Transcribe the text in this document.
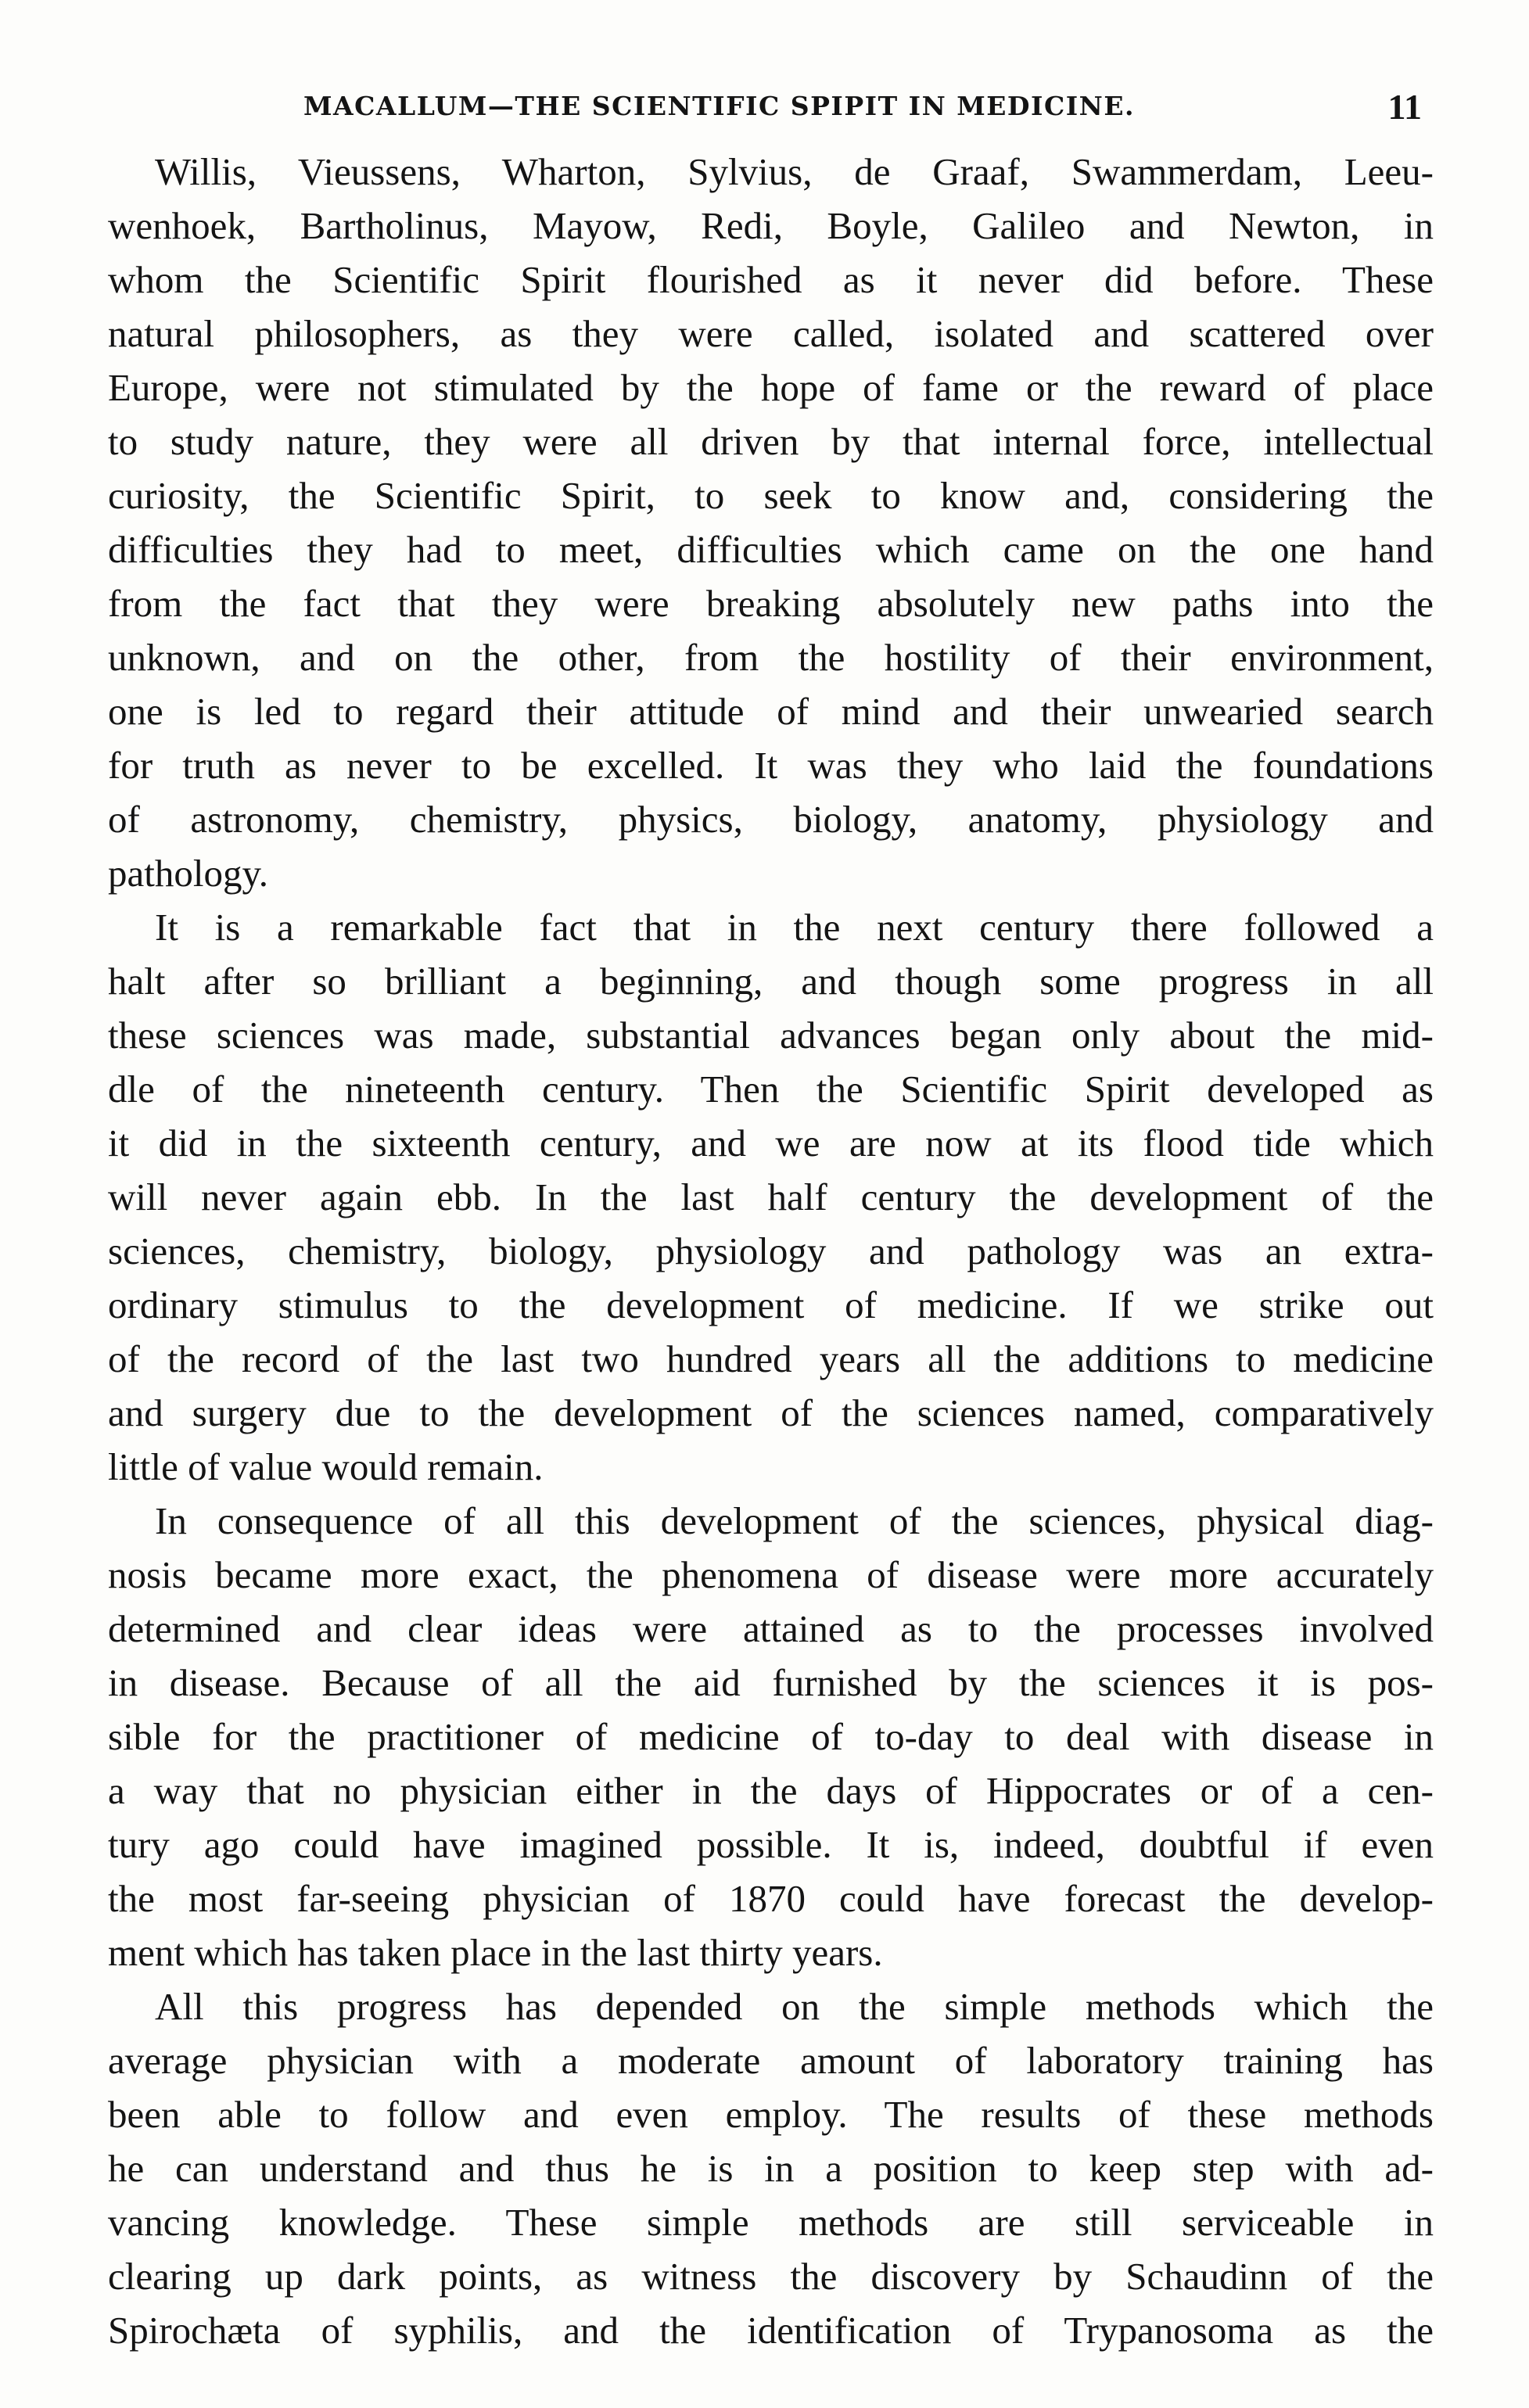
MACALLUM—THE SCIENTIFIC SPIPIT IN MEDICINE.	11
Willis, Vieussens, Wharton, Sylvius, de Graaf, Swammerdam, Leeu-
wenhoek, Bartholinus, Mayow, Redi, Boyle, Galileo and Newton, in
whom the Scientific Spirit flourished as it never did before. These
natural philosophers, as they were called, isolated and scattered over
Europe, were not stimulated by the hope of fame or the reward of place
to study nature, they were all driven by that internal force, intellectual
curiosity, the Scientific Spirit, to seek to know and, considering the
difficulties they had to meet, difficulties which came on the one hand
from the fact that they were breaking absolutely new paths into the
unknown, and on the other, from the hostility of their environment,
one is led to regard their attitude of mind and their unwearied search
for truth as never to be excelled. It was they who laid the foundations
of astronomy, chemistry, physics, biology, anatomy, physiology and
pathology.
It is a remarkable fact that in the next century there followed a
halt after so brilliant a beginning, and though some progress in all
these sciences was made, substantial advances began only about the mid-
dle of the nineteenth century. Then the Scientific Spirit developed as
it did in the sixteenth century, and we are now at its flood tide which
will never again ebb. In the last half century the development of the
sciences, chemistry, biology, physiology and pathology was an extra-
ordinary stimulus to the development of medicine. If we strike out
of the record of the last two hundred years all the additions to medicine
and surgery due to the development of the sciences named, comparatively
little of value would remain.
In consequence of all this development of the sciences, physical diag-
nosis became more exact, the phenomena of disease were more accurately
determined and clear ideas were attained as to the processes involved
in disease. Because of all the aid furnished by the sciences it is pos-
sible for the practitioner of medicine of to-day to deal with disease in
a way that no physician either in the days of Hippocrates or of a cen-
tury ago could have imagined possible. It is, indeed, doubtful if even
the most far-seeing physician of 1870 could have forecast the develop-
ment which has taken place in the last thirty years.
All this progress has depended on the simple methods which the
average physician with a moderate amount of laboratory training has
been able to follow and even employ. The results of these methods
he can understand and thus he is in a position to keep step with ad-
vancing knowledge. These simple methods are still serviceable in
clearing up dark points, as witness the discovery by Schaudinn of the
Spirochæta of syphilis, and the identification of Trypanosoma as the
